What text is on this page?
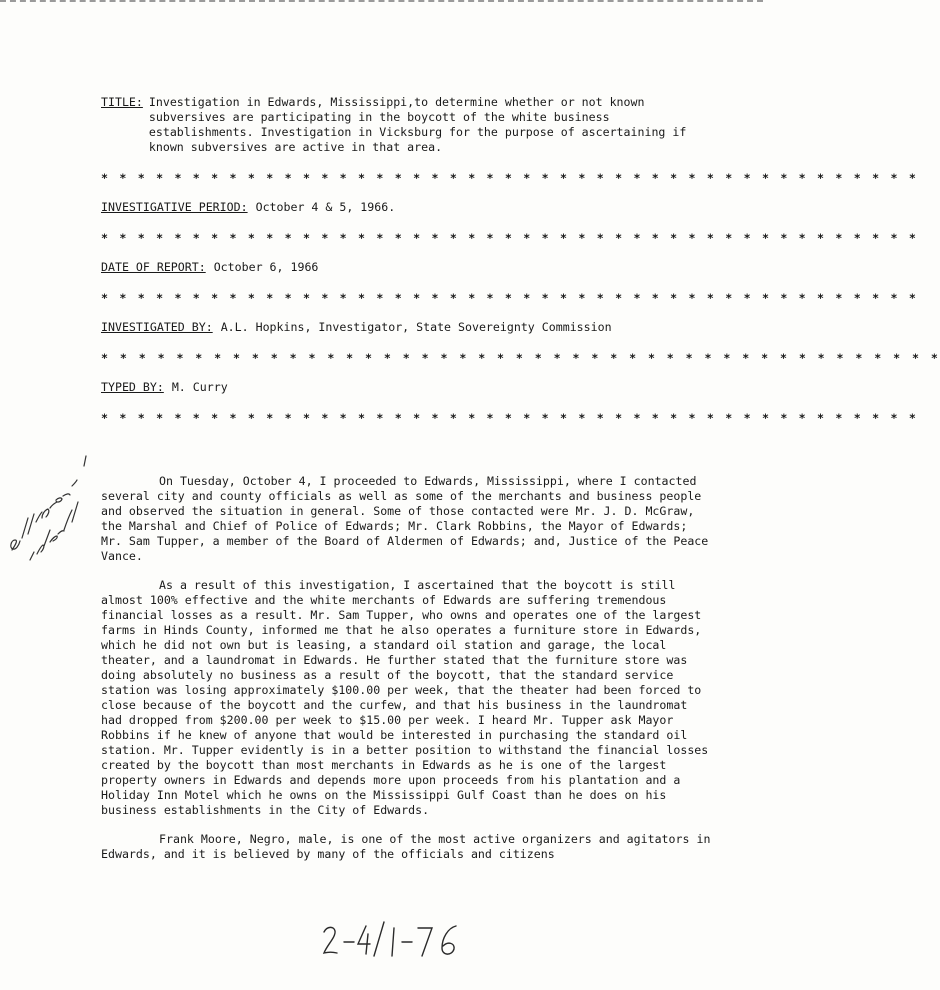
TITLE: Investigation in Edwards, Mississippi,to determine whether or not known subversives are participating in the boycott of the white business establishments. Investigation in Vicksburg for the purpose of ascertaining if known subversives are active in that area.
* * * * * * * * * * * * * * * * * * * * * * * * * * * * * * * * * * * * * * * * * * * * *
INVESTIGATIVE PERIOD: October 4 & 5, 1966.
* * * * * * * * * * * * * * * * * * * * * * * * * * * * * * * * * * * * * * * * * * * * *
DATE OF REPORT: October 6, 1966
* * * * * * * * * * * * * * * * * * * * * * * * * * * * * * * * * * * * * * * * * * * * *
INVESTIGATED BY: A.L. Hopkins, Investigator, State Sovereignty Commission
* * * * * * * * * * * * * * * * * * * * * * * * * * * * * * * * * * * * * * * * * * * * *
TYPED BY: M. Curry
* * * * * * * * * * * * * * * * * * * * * * * * * * * * * * * * * * * * * * * * * * * * *

On Tuesday, October 4, I proceeded to Edwards, Mississippi, where I contacted several city and county officials as well as some of the merchants and business people and observed the situation in general. Some of those contacted were Mr. J. D. McGraw, the Marshal and Chief of Police of Edwards; Mr. Clark Robbins, the Mayor of Edwards; Mr. Sam Tupper, a member of the Board of Aldermen of Edwards; and, Justice of the Peace Vance.

As a result of this investigation, I ascertained that the boycott is still almost 100% effective and the white merchants of Edwards are suffering tremendous financial losses as a result. Mr. Sam Tupper, who owns and operates one of the largest farms in Hinds County, informed me that he also operates a furniture store in Edwards, which he did not own but is leasing, a standard oil station and garage, the local theater, and a laundromat in Edwards. He further stated that the furniture store was doing absolutely no business as a result of the boycott, that the standard service station was losing approximately $100.00 per week, that the theater had been forced to close because of the boycott and the curfew, and that his business in the laundromat had dropped from $200.00 per week to $15.00 per week. I heard Mr. Tupper ask Mayor Robbins if he knew of anyone that would be interested in purchasing the standard oil station. Mr. Tupper evidently is in a better position to withstand the financial losses created by the boycott than most merchants in Edwards as he is one of the largest property owners in Edwards and depends more upon proceeds from his plantation and a Holiday Inn Motel which he owns on the Mississippi Gulf Coast than he does on his business establishments in the City of Edwards.

Frank Moore, Negro, male, is one of the most active organizers and agitators in Edwards, and it is believed by many of the officials and citizens
